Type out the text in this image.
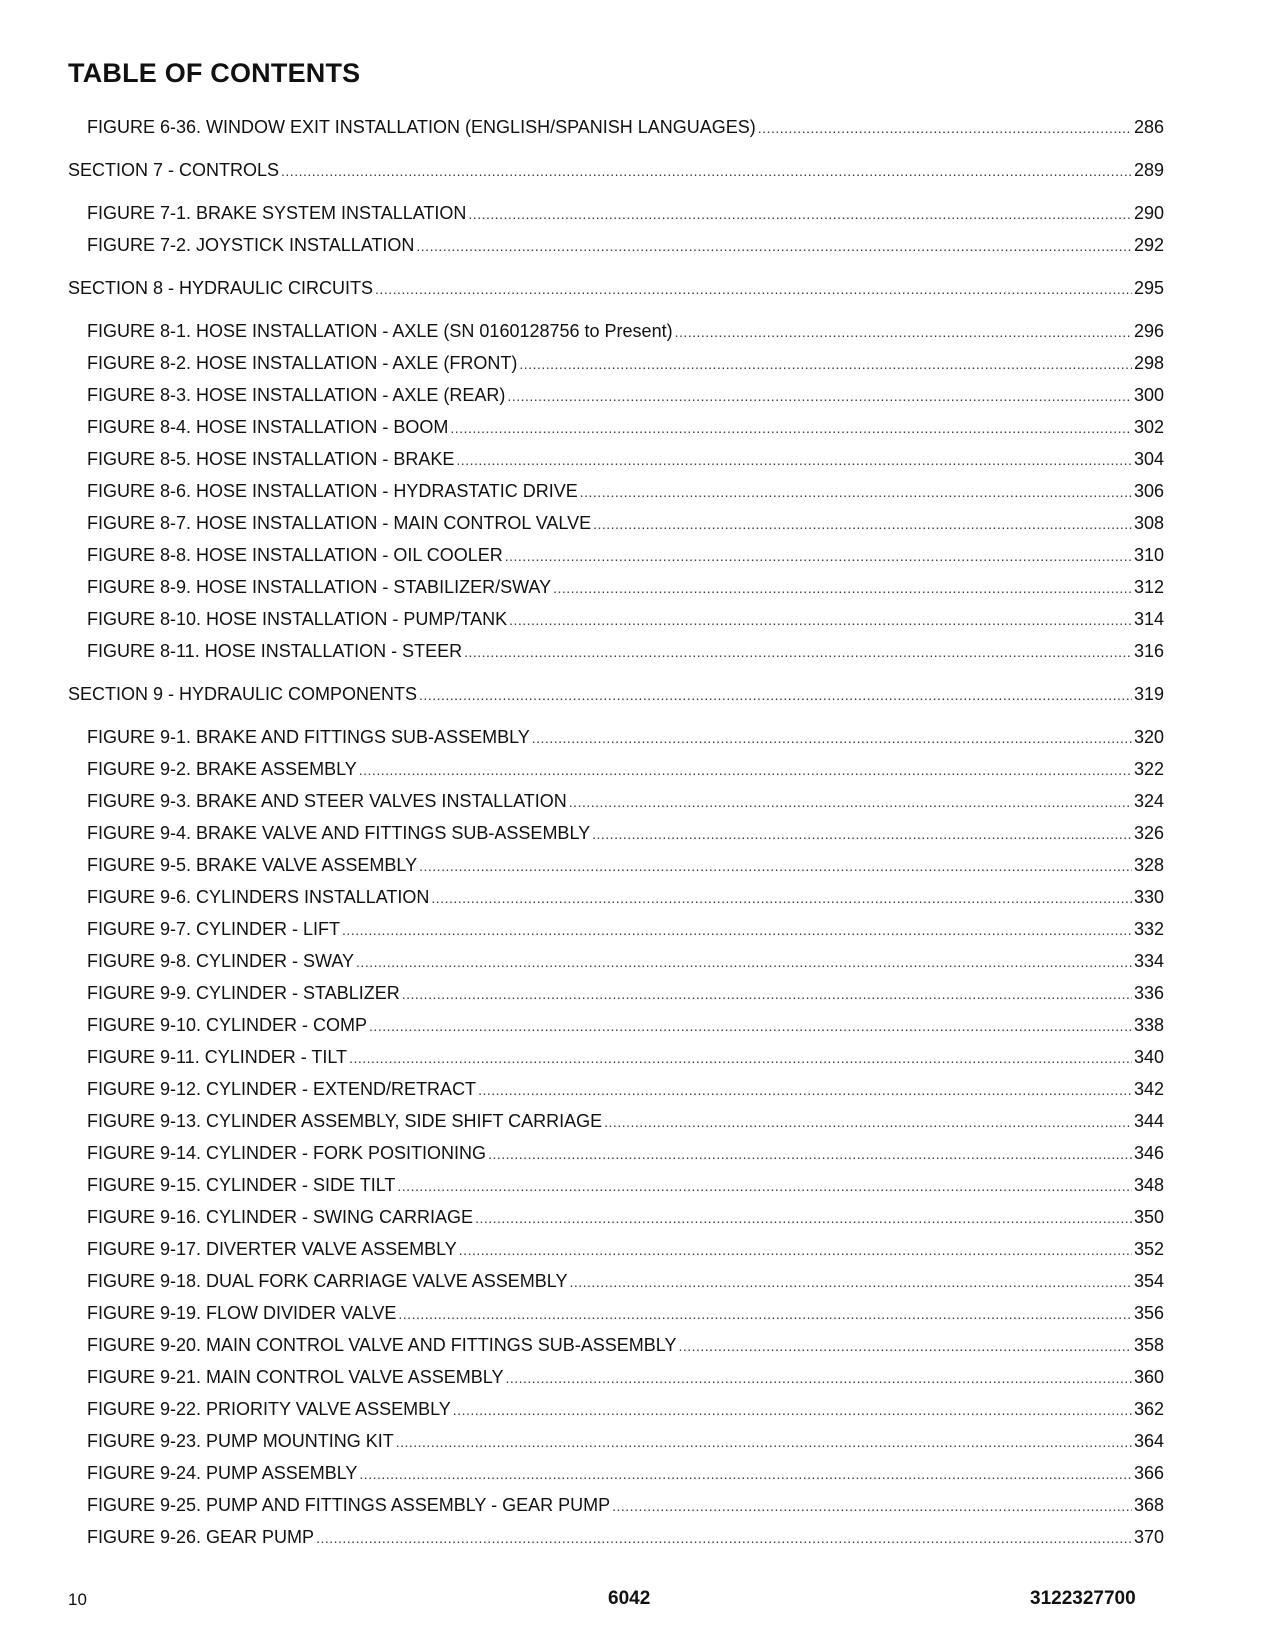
TABLE OF CONTENTS
FIGURE 6-36. WINDOW EXIT INSTALLATION (ENGLISH/SPANISH LANGUAGES) .....	286
SECTION 7 - CONTROLS .....	289
FIGURE 7-1. BRAKE SYSTEM INSTALLATION .....	290
FIGURE 7-2. JOYSTICK INSTALLATION .....	292
SECTION 8 - HYDRAULIC CIRCUITS .....	295
FIGURE 8-1. HOSE INSTALLATION - AXLE (SN 0160128756 to Present) .....	296
FIGURE 8-2. HOSE INSTALLATION - AXLE (FRONT) .....	298
FIGURE 8-3. HOSE INSTALLATION - AXLE (REAR) .....	300
FIGURE 8-4. HOSE INSTALLATION - BOOM .....	302
FIGURE 8-5. HOSE INSTALLATION - BRAKE .....	304
FIGURE 8-6. HOSE INSTALLATION - HYDRASTATIC DRIVE .....	306
FIGURE 8-7. HOSE INSTALLATION - MAIN CONTROL VALVE .....	308
FIGURE 8-8. HOSE INSTALLATION - OIL COOLER .....	310
FIGURE 8-9. HOSE INSTALLATION - STABILIZER/SWAY .....	312
FIGURE 8-10. HOSE INSTALLATION - PUMP/TANK .....	314
FIGURE 8-11. HOSE INSTALLATION - STEER .....	316
SECTION 9 - HYDRAULIC COMPONENTS .....	319
FIGURE 9-1. BRAKE AND FITTINGS SUB-ASSEMBLY .....	320
FIGURE 9-2. BRAKE ASSEMBLY .....	322
FIGURE 9-3. BRAKE AND STEER VALVES INSTALLATION .....	324
FIGURE 9-4. BRAKE VALVE AND FITTINGS SUB-ASSEMBLY .....	326
FIGURE 9-5. BRAKE VALVE ASSEMBLY .....	328
FIGURE 9-6. CYLINDERS INSTALLATION .....	330
FIGURE 9-7. CYLINDER - LIFT .....	332
FIGURE 9-8. CYLINDER - SWAY .....	334
FIGURE 9-9. CYLINDER - STABLIZER .....	336
FIGURE 9-10. CYLINDER - COMP .....	338
FIGURE 9-11. CYLINDER - TILT .....	340
FIGURE 9-12. CYLINDER - EXTEND/RETRACT .....	342
FIGURE 9-13. CYLINDER ASSEMBLY, SIDE SHIFT CARRIAGE .....	344
FIGURE 9-14. CYLINDER - FORK POSITIONING .....	346
FIGURE 9-15. CYLINDER - SIDE TILT .....	348
FIGURE 9-16. CYLINDER - SWING CARRIAGE .....	350
FIGURE 9-17. DIVERTER VALVE ASSEMBLY .....	352
FIGURE 9-18. DUAL FORK CARRIAGE VALVE ASSEMBLY .....	354
FIGURE 9-19. FLOW DIVIDER VALVE .....	356
FIGURE 9-20. MAIN CONTROL VALVE AND FITTINGS SUB-ASSEMBLY .....	358
FIGURE 9-21. MAIN CONTROL VALVE ASSEMBLY .....	360
FIGURE 9-22. PRIORITY VALVE ASSEMBLY .....	362
FIGURE 9-23. PUMP MOUNTING KIT .....	364
FIGURE 9-24. PUMP ASSEMBLY .....	366
FIGURE 9-25. PUMP AND FITTINGS ASSEMBLY - GEAR PUMP .....	368
FIGURE 9-26. GEAR PUMP .....	370
10	6042	3122327700
